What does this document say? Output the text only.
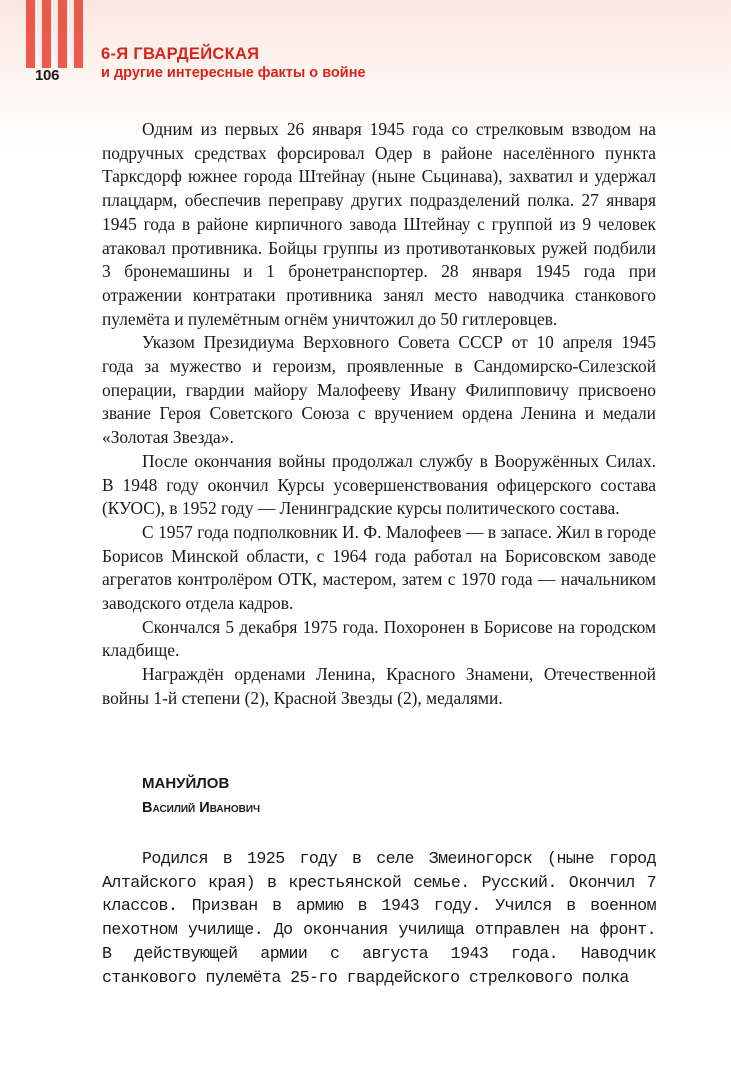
106
6-Я ГВАРДЕЙСКАЯ
и другие интересные факты о войне

Одним из первых 26 января 1945 года со стрелковым взводом на подручных средствах форсировал Одер в районе населённого пункта Тарксдорф южнее города Штейнау (ныне Сьцинава), захватил и удержал плацдарм, обеспечив переправу других подразделений полка. 27 января 1945 года в районе кирпичного завода Штейнау с группой из 9 человек атаковал противника. Бойцы группы из противотанковых ружей подбили 3 бронемашины и 1 бронетранспортер. 28 января 1945 года при отражении контратаки противника занял место наводчика станкового пулемёта и пулемётным огнём уничтожил до 50 гитлеровцев.

Указом Президиума Верховного Совета СССР от 10 апреля 1945 года за мужество и героизм, проявленные в Сандомирско-Силезской операции, гвардии майору Малофееву Ивану Филипповичу присвоено звание Героя Советского Союза с вручением ордена Ленина и медали «Золотая Звезда».

После окончания войны продолжал службу в Вооружённых Силах. В 1948 году окончил Курсы усовершенствования офицерского состава (КУОС), в 1952 году — Ленинградские курсы политического состава.

С 1957 года подполковник И. Ф. Малофеев — в запасе. Жил в городе Борисов Минской области, с 1964 года работал на Борисовском заводе агрегатов контролёром ОТК, мастером, затем с 1970 года — начальником заводского отдела кадров.

Скончался 5 декабря 1975 года. Похоронен в Борисове на городском кладбище.

Награждён орденами Ленина, Красного Знамени, Отечественной войны 1-й степени (2), Красной Звезды (2), медалями.

МАНУЙЛОВ

Василий Иванович

Родился в 1925 году в селе Змеиногорск (ныне город Алтайского края) в крестьянской семье. Русский. Окончил 7 классов. Призван в армию в 1943 году. Учился в военном пехотном училище. До окончания училища отправлен на фронт. В действующей армии с августа 1943 года. Наводчик станкового пулемёта 25-го гвардейского стрелкового полка
